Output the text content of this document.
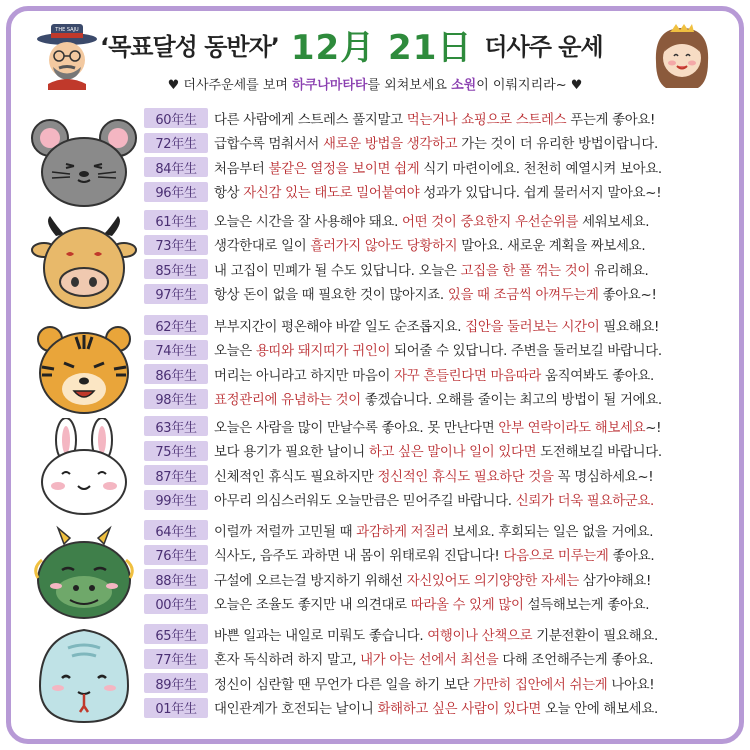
THE SAJU
‘목표달성 동반자’ 12月 21日 더사주 운세
♥ 더사주운세를 보며 하쿠나마타타를 외쳐보세요 소원이 이뤄지리라~ ♥
60年生	다른 사람에게 스트레스 풀지말고 먹는거나 쇼핑으로 스트레스 푸는게 좋아요!
72年生	급합수록 멈춰서서 새로운 방법을 생각하고 가는 것이 더 유리한 방법이랍니다.
84年生	처음부터 불같은 열정을 보이면 쉽게 식기 마련이에요. 천천히 예열시켜 보아요.
96年生	항상 자신감 있는 태도로 밀어붙여야 성과가 있답니다. 쉽게 물러서지 말아요~!
61年生	오늘은 시간을 잘 사용해야 돼요. 어떤 것이 중요한지 우선순위를 세워보세요.
73年生	생각한대로 일이 흘러가지 않아도 당황하지 말아요. 새로운 계획을 짜보세요.
85年生	내 고집이 민폐가 될 수도 있답니다. 오늘은 고집을 한 풀 꺾는 것이 유리해요.
97年生	항상 돈이 없을 때 필요한 것이 많아지죠. 있을 때 조금씩 아껴두는게 좋아요~!
62年生	부부지간이 평온해야 바깥 일도 순조롭지요. 집안을 둘러보는 시간이 필요해요!
74年生	오늘은 용띠와 돼지띠가 귀인이 되어줄 수 있답니다. 주변을 둘러보길 바랍니다.
86年生	머리는 아니라고 하지만 마음이 자꾸 흔들린다면 마음따라 움직여봐도 좋아요.
98年生	표정관리에 유념하는 것이 좋겠습니다. 오해를 줄이는 최고의 방법이 될 거에요.
63年生	오늘은 사람을 많이 만날수록 좋아요. 못 만난다면 안부 연락이라도 해보세요~!
75年生	보다 용기가 필요한 날이니 하고 싶은 말이나 일이 있다면 도전해보길 바랍니다.
87年生	신체적인 휴식도 필요하지만 정신적인 휴식도 필요하단 것을 꼭 명심하세요~!
99年生	아무리 의심스러워도 오늘만큼은 믿어주길 바랍니다. 신뢰가 더욱 필요하군요.
64年生	이럴까 저럴까 고민될 때 과감하게 저질러 보세요. 후회되는 일은 없을 거에요.
76年生	식사도, 음주도 과하면 내 몸이 위태로워 진답니다! 다음으로 미루는게 좋아요.
88年生	구설에 오르는걸 방지하기 위해선 자신있어도 의기양양한 자세는 삼가야해요!
00年生	오늘은 조율도 좋지만 내 의견대로 따라올 수 있게 많이 설득해보는게 좋아요.
65年生	바쁜 일과는 내일로 미뤄도 좋습니다. 여행이나 산책으로 기분전환이 필요해요.
77年生	혼자 독식하려 하지 말고, 내가 아는 선에서 최선을 다해 조언해주는게 좋아요.
89年生	정신이 심란할 땐 무언가 다른 일을 하기 보단 가만히 집안에서 쉬는게 나아요!
01年生	대인관계가 호전되는 날이니 화해하고 싶은 사람이 있다면 오늘 안에 해보세요.
